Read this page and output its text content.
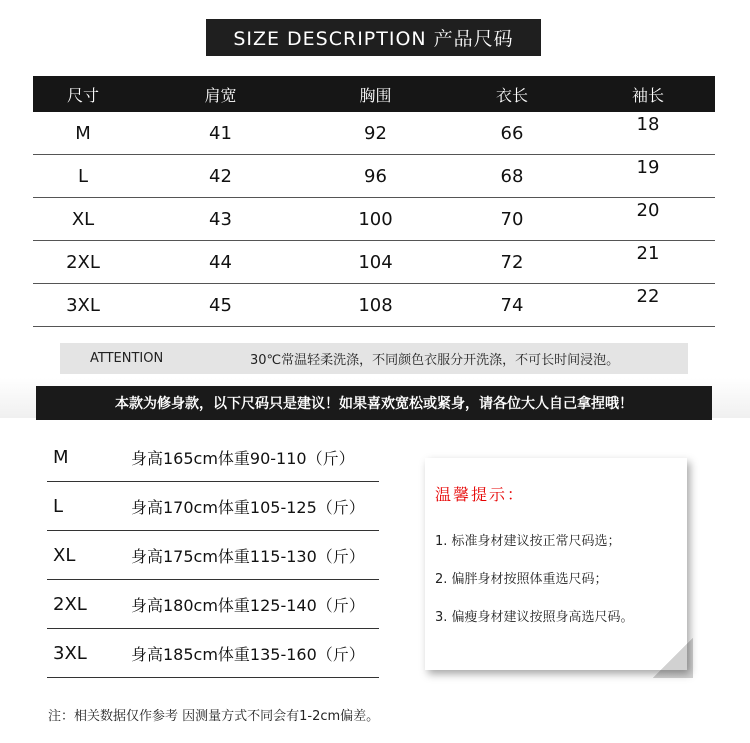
SIZE DESCRIPTION 产品尺码
尺寸	肩宽	胸围	衣长	袖长
M	41	92	66	18
L	42	96	68	19
XL	43	100	70	20
2XL	44	104	72	21
3XL	45	108	74	22
ATTENTION	30℃常温轻柔洗涤，不同颜色衣服分开洗涤，不可长时间浸泡。
本款为修身款，以下尺码只是建议！如果喜欢宽松或紧身，请各位大人自己拿捏哦！
M	身高165cm体重90-110（斤）
L	身高170cm体重105-125（斤）
XL	身高175cm体重115-130（斤）
2XL	身高180cm体重125-140（斤）
3XL	身高185cm体重135-160（斤）
温馨提示：
1. 标准身材建议按正常尺码选；
2. 偏胖身材按照体重选尺码；
3. 偏瘦身材建议按照身高选尺码。
注：相关数据仅作参考 因测量方式不同会有1-2cm偏差。
